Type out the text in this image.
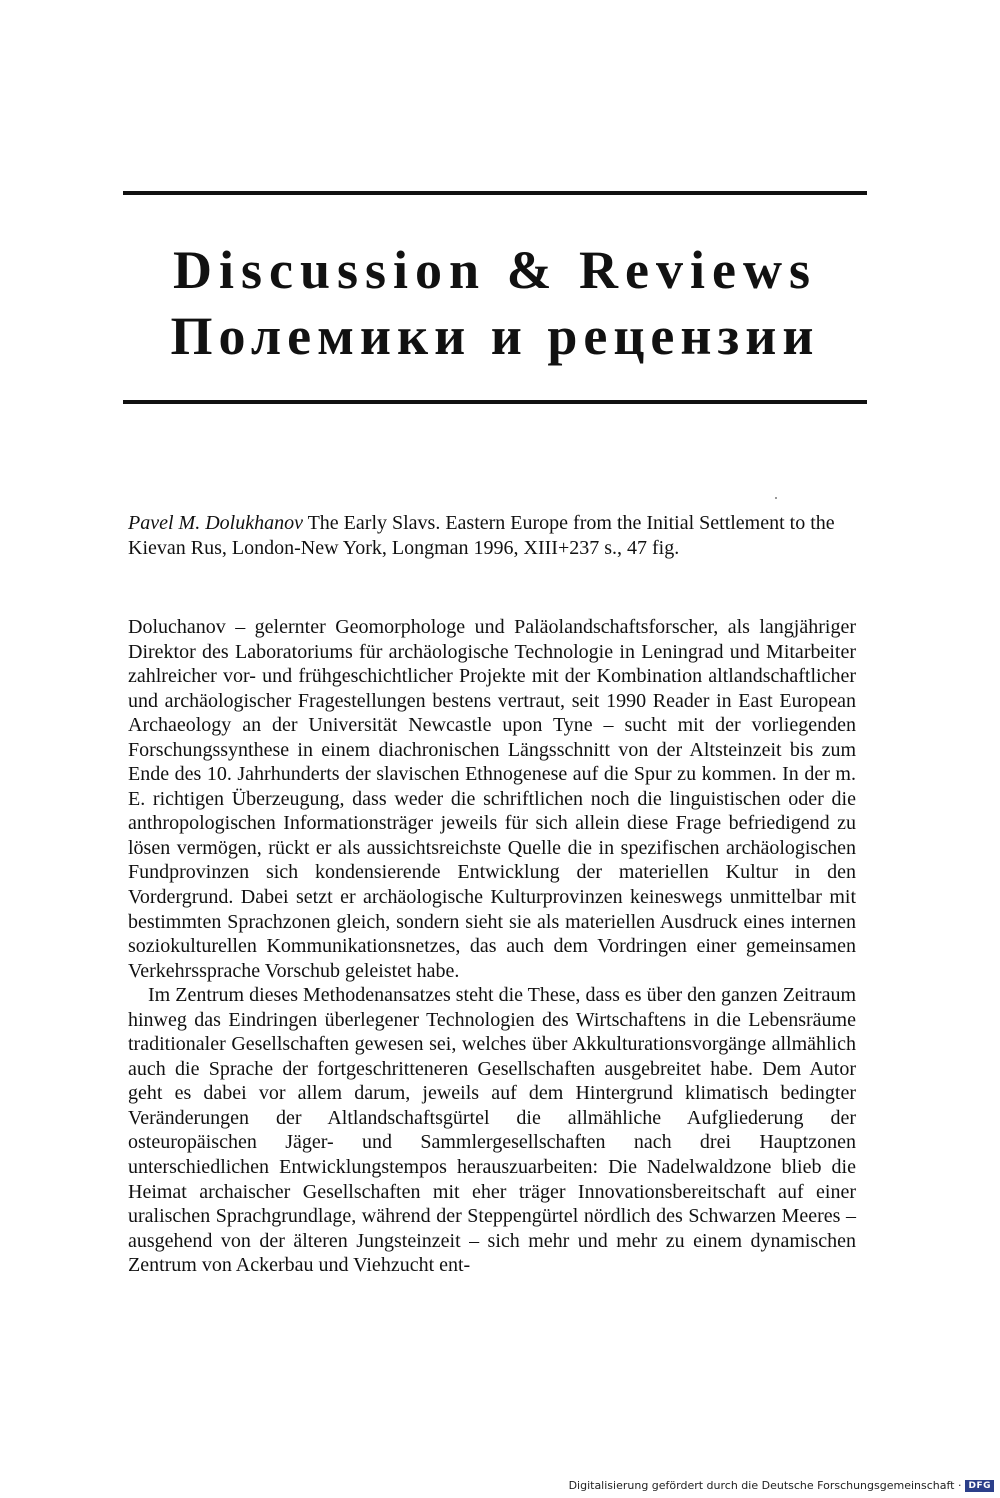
Discussion & Reviews
Полемики и рецензии
Pavel M. Dolukhanov The Early Slavs. Eastern Europe from the Initial Settlement to the Kievan Rus, London-New York, Longman 1996, XIII+237 s., 47 fig.

Doluchanov – gelernter Geomorphologe und Paläolandschaftsforscher, als langjähriger Direktor des Laboratoriums für archäologische Technologie in Leningrad und Mitarbeiter zahlreicher vor- und frühgeschichtlicher Projekte mit der Kombination altlandschaftlicher und archäologischer Fragestellungen bestens vertraut, seit 1990 Reader in East European Archaeology an der Universität Newcastle upon Tyne – sucht mit der vorliegenden Forschungssynthese in einem diachronischen Längsschnitt von der Altsteinzeit bis zum Ende des 10. Jahrhunderts der slavischen Ethnogenese auf die Spur zu kommen. In der m. E. richtigen Überzeugung, dass weder die schriftlichen noch die linguistischen oder die anthropologischen Informationsträger jeweils für sich allein diese Frage befriedigend zu lösen vermögen, rückt er als aussichtsreichste Quelle die in spezifischen archäologischen Fundprovinzen sich kondensierende Entwicklung der materiellen Kultur in den Vordergrund. Dabei setzt er archäologische Kulturprovinzen keineswegs unmittelbar mit bestimmten Sprachzonen gleich, sondern sieht sie als materiellen Ausdruck eines internen soziokulturellen Kommunikationsnetzes, das auch dem Vordringen einer gemeinsamen Verkehrssprache Vorschub geleistet habe.

Im Zentrum dieses Methodenansatzes steht die These, dass es über den ganzen Zeitraum hinweg das Eindringen überlegener Technologien des Wirtschaftens in die Lebensräume traditionaler Gesellschaften gewesen sei, welches über Akkulturationsvorgänge allmählich auch die Sprache der fortgeschritteneren Gesellschaften ausgebreitet habe. Dem Autor geht es dabei vor allem darum, jeweils auf dem Hintergrund klimatisch bedingter Veränderungen der Altlandschaftsgürtel die allmähliche Aufgliederung der osteuropäischen Jäger- und Sammlergesellschaften nach drei Hauptzonen unterschiedlichen Entwicklungstempos herauszuarbeiten: Die Nadelwaldzone blieb die Heimat archaischer Gesellschaften mit eher träger Innovationsbereitschaft auf einer uralischen Sprachgrundlage, während der Steppengürtel nördlich des Schwarzen Meeres – ausgehend von der älteren Jungsteinzeit – sich mehr und mehr zu einem dynamischen Zentrum von Ackerbau und Viehzucht ent-

Digitalisierung gefördert durch die Deutsche Forschungsgemeinschaft · DFG
